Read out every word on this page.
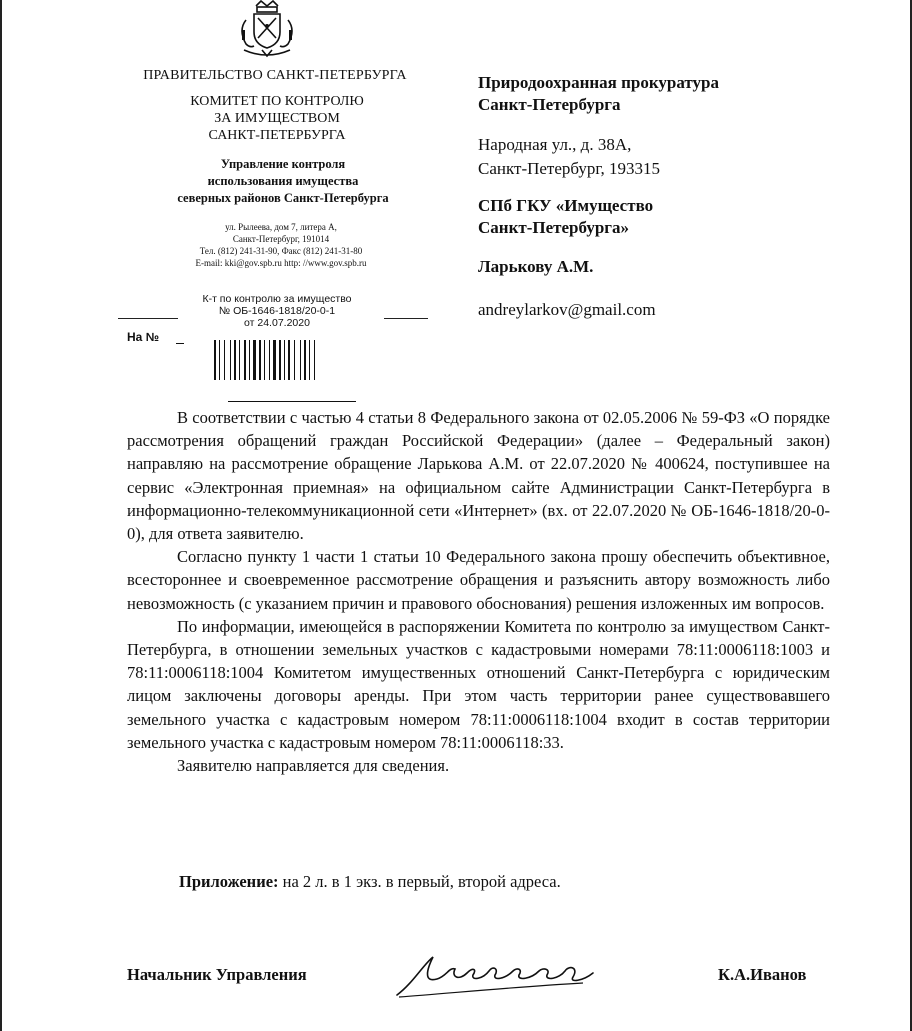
ПРАВИТЕЛЬСТВО САНКТ-ПЕТЕРБУРГА
КОМИТЕТ ПО КОНТРОЛЮ
ЗА ИМУЩЕСТВОМ
САНКТ-ПЕТЕРБУРГА
Управление контроля
использования имущества
северных районов Санкт-Петербурга
ул. Рылеева, дом 7, литера А,
Санкт-Петербург, 191014
Тел. (812) 241-31-90, Факс (812) 241-31-80
E-mail: kki@gov.spb.ru http: //www.gov.spb.ru
К-т по контролю за имущество
№ ОБ-1646-1818/20-0-1
от 24.07.2020
На №
Природоохранная прокуратура
Санкт-Петербурга
Народная ул., д. 38А,
Санкт-Петербург, 193315
СПб ГКУ «Имущество
Санкт-Петербурга»
Ларькову А.М.
andreylarkov@gmail.com

В соответствии с частью 4 статьи 8 Федерального закона от 02.05.2006 № 59-ФЗ «О порядке рассмотрения обращений граждан Российской Федерации» (далее – Федеральный закон) направляю на рассмотрение обращение Ларькова А.М. от 22.07.2020 № 400624, поступившее на сервис «Электронная приемная» на официальном сайте Администрации Санкт-Петербурга в информационно-телекоммуникационной сети «Интернет» (вх. от 22.07.2020 № ОБ-1646-1818/20-0-0), для ответа заявителю.

Согласно пункту 1 части 1 статьи 10 Федерального закона прошу обеспечить объективное, всестороннее и своевременное рассмотрение обращения и разъяснить автору возможность либо невозможность (с указанием причин и правового обоснования) решения изложенных им вопросов.

По информации, имеющейся в распоряжении Комитета по контролю за имуществом Санкт-Петербурга, в отношении земельных участков с кадастровыми номерами 78:11:0006118:1003 и 78:11:0006118:1004 Комитетом имущественных отношений Санкт-Петербурга с юридическим лицом заключены договоры аренды. При этом часть территории ранее существовавшего земельного участка с кадастровым номером 78:11:0006118:1004 входит в состав территории земельного участка с кадастровым номером 78:11:0006118:33.

Заявителю направляется для сведения.

Приложение: на 2 л. в 1 экз. в первый, второй адреса.
Начальник Управления	К.А.Иванов
